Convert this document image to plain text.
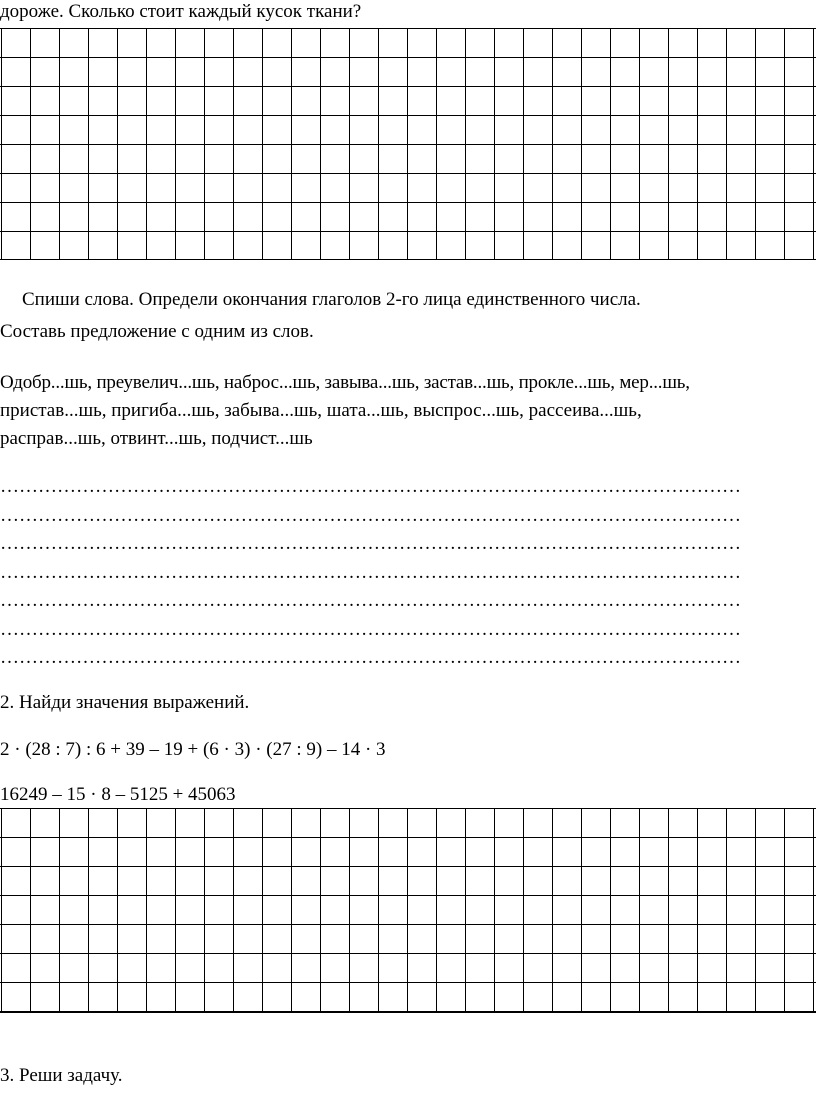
дороже. Сколько стоит каждый кусок ткани?
Спиши слова. Определи окончания глаголов 2-го лица единственного числа.
Составь предложение с одним из слов.
Одобр...шь, преувелич...шь, наброс...шь, завыва...шь, застав...шь, прокле...шь, мер...шь,
пристав...шь, пригиба...шь, забыва...шь, шата...шь, выспрос...шь, рассеива...шь,
расправ...шь, отвинт...шь, подчист...шь
………………………………………………………………………………………………………
………………………………………………………………………………………………………
………………………………………………………………………………………………………
………………………………………………………………………………………………………
………………………………………………………………………………………………………
………………………………………………………………………………………………………
………………………………………………………………………………………………………
2. Найди значения выражений.
2 · (28 : 7) : 6 + 39 – 19 + (6 · 3) · (27 : 9) – 14 · 3
16249 – 15 · 8 – 5125 + 45063
3. Реши задачу.
